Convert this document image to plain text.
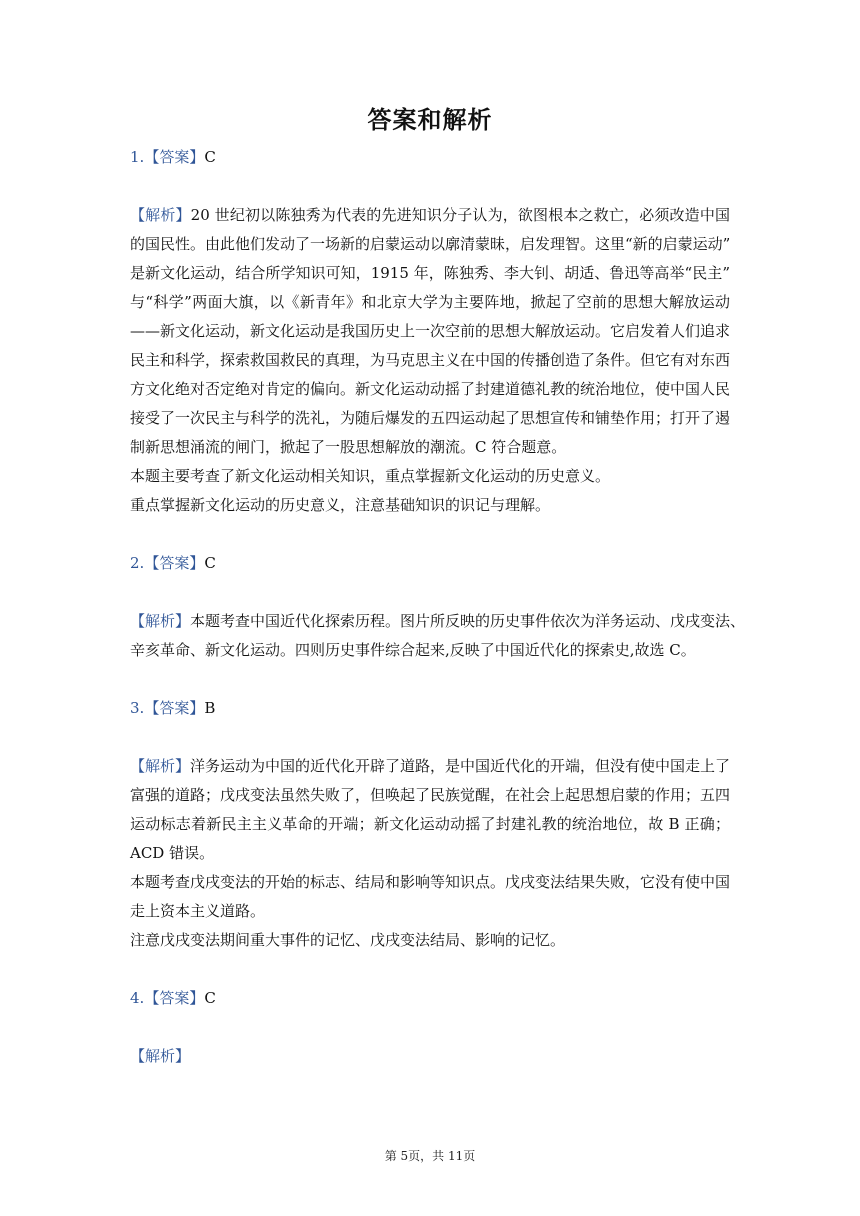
答案和解析
1.【答案】C
【解析】20 世纪初以陈独秀为代表的先进知识分子认为，欲图根本之救亡，必须改造中国
的国民性。由此他们发动了一场新的启蒙运动以廓清蒙昧，启发理智。这里“新的启蒙运动”
是新文化运动，结合所学知识可知，1915 年，陈独秀、李大钊、胡适、鲁迅等高举“民主”
与“科学”两面大旗，以《新青年》和北京大学为主要阵地，掀起了空前的思想大解放运动
——新文化运动，新文化运动是我国历史上一次空前的思想大解放运动。它启发着人们追求
民主和科学，探索救国救民的真理，为马克思主义在中国的传播创造了条件。但它有对东西
方文化绝对否定绝对肯定的偏向。新文化运动动摇了封建道德礼教的统治地位，使中国人民
接受了一次民主与科学的洗礼，为随后爆发的五四运动起了思想宣传和铺垫作用；打开了遏
制新思想涌流的闸门，掀起了一股思想解放的潮流。C 符合题意。
本题主要考查了新文化运动相关知识，重点掌握新文化运动的历史意义。
重点掌握新文化运动的历史意义，注意基础知识的识记与理解。
2.【答案】C
【解析】本题考查中国近代化探索历程。图片所反映的历史事件依次为洋务运动、戊戌变法、
辛亥革命、新文化运动。四则历史事件综合起来,反映了中国近代化的探索史,故选 C。
3.【答案】B
【解析】洋务运动为中国的近代化开辟了道路，是中国近代化的开端，但没有使中国走上了
富强的道路；戊戌变法虽然失败了，但唤起了民族觉醒，在社会上起思想启蒙的作用；五四
运动标志着新民主主义革命的开端；新文化运动动摇了封建礼教的统治地位，故 B 正确；
ACD 错误。
本题考查戊戌变法的开始的标志、结局和影响等知识点。戊戌变法结果失败，它没有使中国
走上资本主义道路。
注意戊戌变法期间重大事件的记忆、戊戌变法结局、影响的记忆。
4.【答案】C
【解析】
第 5页，共 11页
